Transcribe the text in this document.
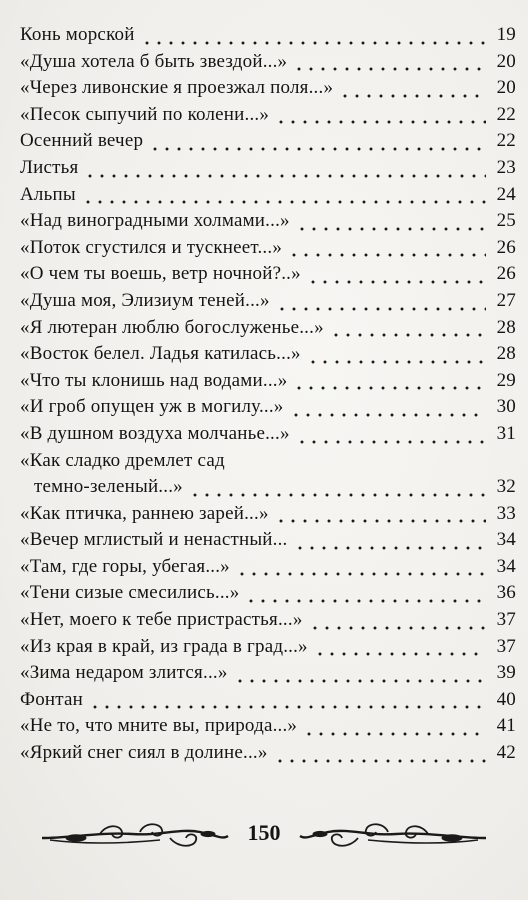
Конь морской	19
«Душа хотела б быть звездой...»	20
«Через ливонские я проезжал поля...»	20
«Песок сыпучий по колени...»	22
Осенний вечер	22
Листья	23
Альпы	24
«Над виноградными холмами...»	25
«Поток сгустился и тускнеет...»	26
«О чем ты воешь, ветр ночной?..»	26
«Душа моя, Элизиум теней...»	27
«Я лютеран люблю богослуженье...»	28
«Восток белел. Ладья катилась...»	28
«Что ты клонишь над водами...»	29
«И гроб опущен уж в могилу...»	30
«В душном воздуха молчанье...»	31
«Как сладко дремлет сад
темно-зеленый...»	32
«Как птичка, раннею зарей...»	33
«Вечер мглистый и ненастный...	34
«Там, где горы, убегая...»	34
«Тени сизые смесились...»	36
«Нет, моего к тебе пристрастья...»	37
«Из края в край, из града в град...»	37
«Зима недаром злится...»	39
Фонтан	40
«Не то, что мните вы, природа...»	41
«Яркий снег сиял в долине...»	42
150
